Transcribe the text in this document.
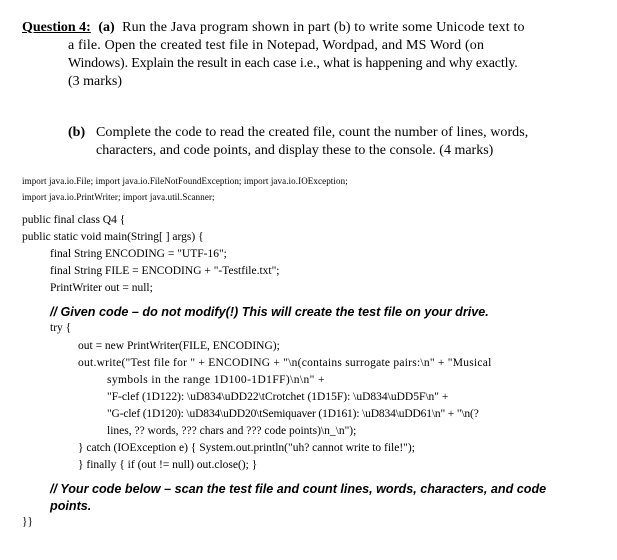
Question 4: (a) Run the Java program shown in part (b) to write some Unicode text to
a file. Open the created test file in Notepad, Wordpad, and MS Word (on
Windows). Explain the result in each case i.e., what is happening and why exactly.
(3 marks)
(b) Complete the code to read the created file, count the number of lines, words,
characters, and code points, and display these to the console. (4 marks)
import java.io.File; import java.io.FileNotFoundException; import java.io.IOException;
import java.io.PrintWriter; import java.util.Scanner;
public final class Q4 {
public static void main(String[ ] args) {
final String ENCODING = "UTF-16";
final String FILE = ENCODING + "-Testfile.txt";
PrintWriter out = null;
// Given code – do not modify(!) This will create the test file on your drive.
try {
out = new PrintWriter(FILE, ENCODING);
out.write("Test file for " + ENCODING + "\n(contains surrogate pairs:\n" + "Musical
symbols in the range 1D100-1D1FF)\n\n" +
"F-clef (1D122): \uD834\uDD22\tCrotchet (1D15F): \uD834\uDD5F\n" +
"G-clef (1D120): \uD834\uDD20\tSemiquaver (1D161): \uD834\uDD61\n" + "\n(?
lines, ?? words, ??? chars and ??? code points)\n_\n");
} catch (IOException e) { System.out.println("uh? cannot write to file!");
} finally { if (out != null) out.close(); }
// Your code below – scan the test file and count lines, words, characters, and code
points.
}}
